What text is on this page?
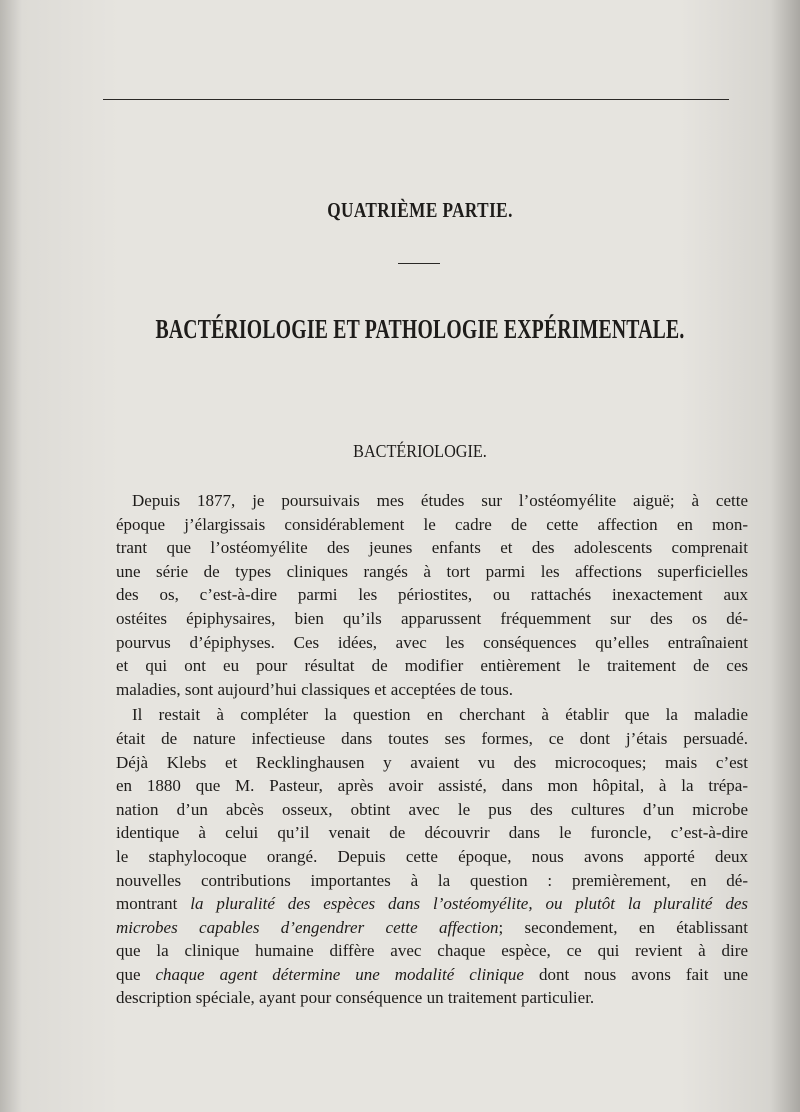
QUATRIÈME PARTIE.
BACTÉRIOLOGIE ET PATHOLOGIE EXPÉRIMENTALE.
BACTÉRIOLOGIE.
Depuis 1877, je poursuivais mes études sur l’ostéomyélite aiguë; à cette
époque j’élargissais considérablement le cadre de cette affection en mon-
trant que l’ostéomyélite des jeunes enfants et des adolescents comprenait
une série de types cliniques rangés à tort parmi les affections superficielles
des os, c’est-à-dire parmi les périostites, ou rattachés inexactement aux
ostéites épiphysaires, bien qu’ils apparussent fréquemment sur des os dé-
pourvus d’épiphyses. Ces idées, avec les conséquences qu’elles entraînaient
et qui ont eu pour résultat de modifier entièrement le traitement de ces
maladies, sont aujourd’hui classiques et acceptées de tous.
Il restait à compléter la question en cherchant à établir que la maladie
était de nature infectieuse dans toutes ses formes, ce dont j’étais persuadé.
Déjà Klebs et Recklinghausen y avaient vu des microcoques; mais c’est
en 1880 que M. Pasteur, après avoir assisté, dans mon hôpital, à la trépa-
nation d’un abcès osseux, obtint avec le pus des cultures d’un microbe
identique à celui qu’il venait de découvrir dans le furoncle, c’est-à-dire
le staphylocoque orangé. Depuis cette époque, nous avons apporté deux
nouvelles contributions importantes à la question : premièrement, en dé-
montrant la pluralité des espèces dans l’ostéomyélite, ou plutôt la pluralité des
microbes capables d’engendrer cette affection; secondement, en établissant
que la clinique humaine diffère avec chaque espèce, ce qui revient à dire
que chaque agent détermine une modalité clinique dont nous avons fait une
description spéciale, ayant pour conséquence un traitement particulier.
